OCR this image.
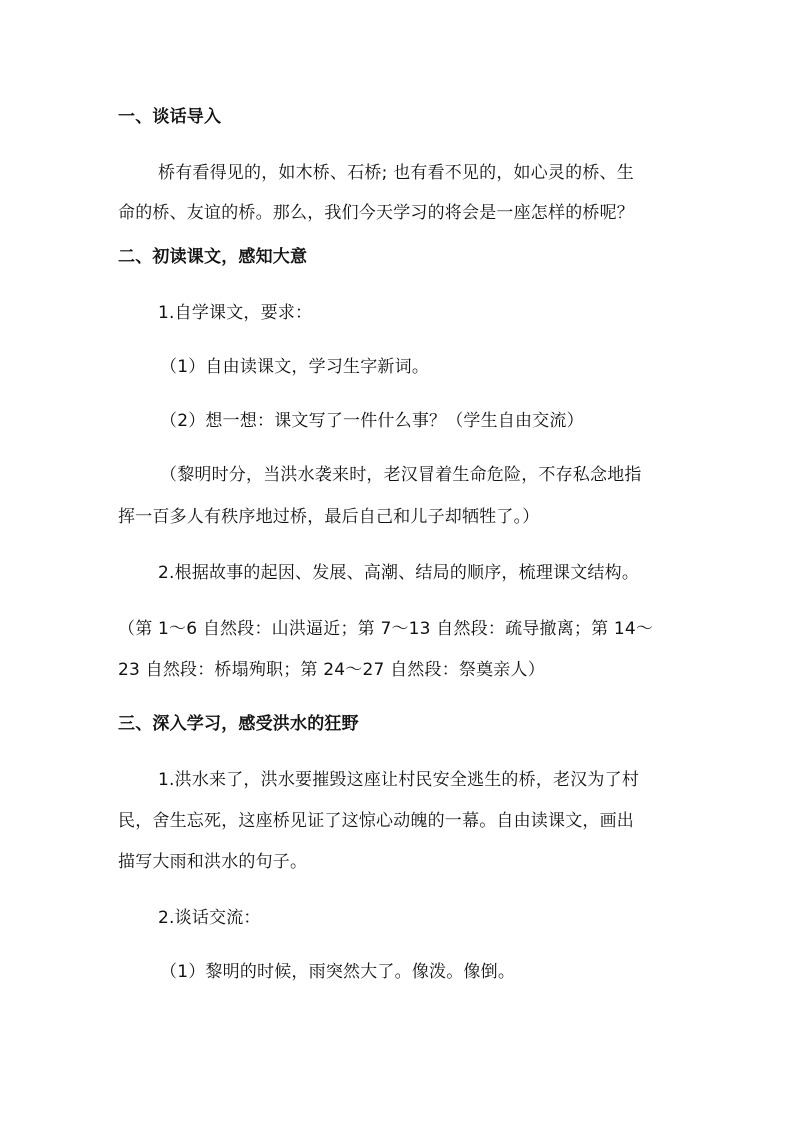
一、谈话导入
桥有看得见的，如木桥、石桥; 也有看不见的，如心灵的桥、生
命的桥、友谊的桥。那么，我们今天学习的将会是一座怎样的桥呢？
二、初读课文，感知大意
1.自学课文，要求：
（1）自由读课文，学习生字新词。
（2）想一想：课文写了一件什么事？（学生自由交流）
（黎明时分，当洪水袭来时，老汉冒着生命危险，不存私念地指
挥一百多人有秩序地过桥，最后自己和儿子却牺牲了。）
2.根据故事的起因、发展、高潮、结局的顺序，梳理课文结构。
（第 1～6 自然段：山洪逼近；第 7～13 自然段：疏导撤离；第 14～
23 自然段：桥塌殉职；第 24～27 自然段：祭奠亲人）
三、深入学习，感受洪水的狂野
1.洪水来了，洪水要摧毁这座让村民安全逃生的桥，老汉为了村
民，舍生忘死，这座桥见证了这惊心动魄的一幕。自由读课文，画出
描写大雨和洪水的句子。
2.谈话交流：
（1）黎明的时候，雨突然大了。像泼。像倒。
